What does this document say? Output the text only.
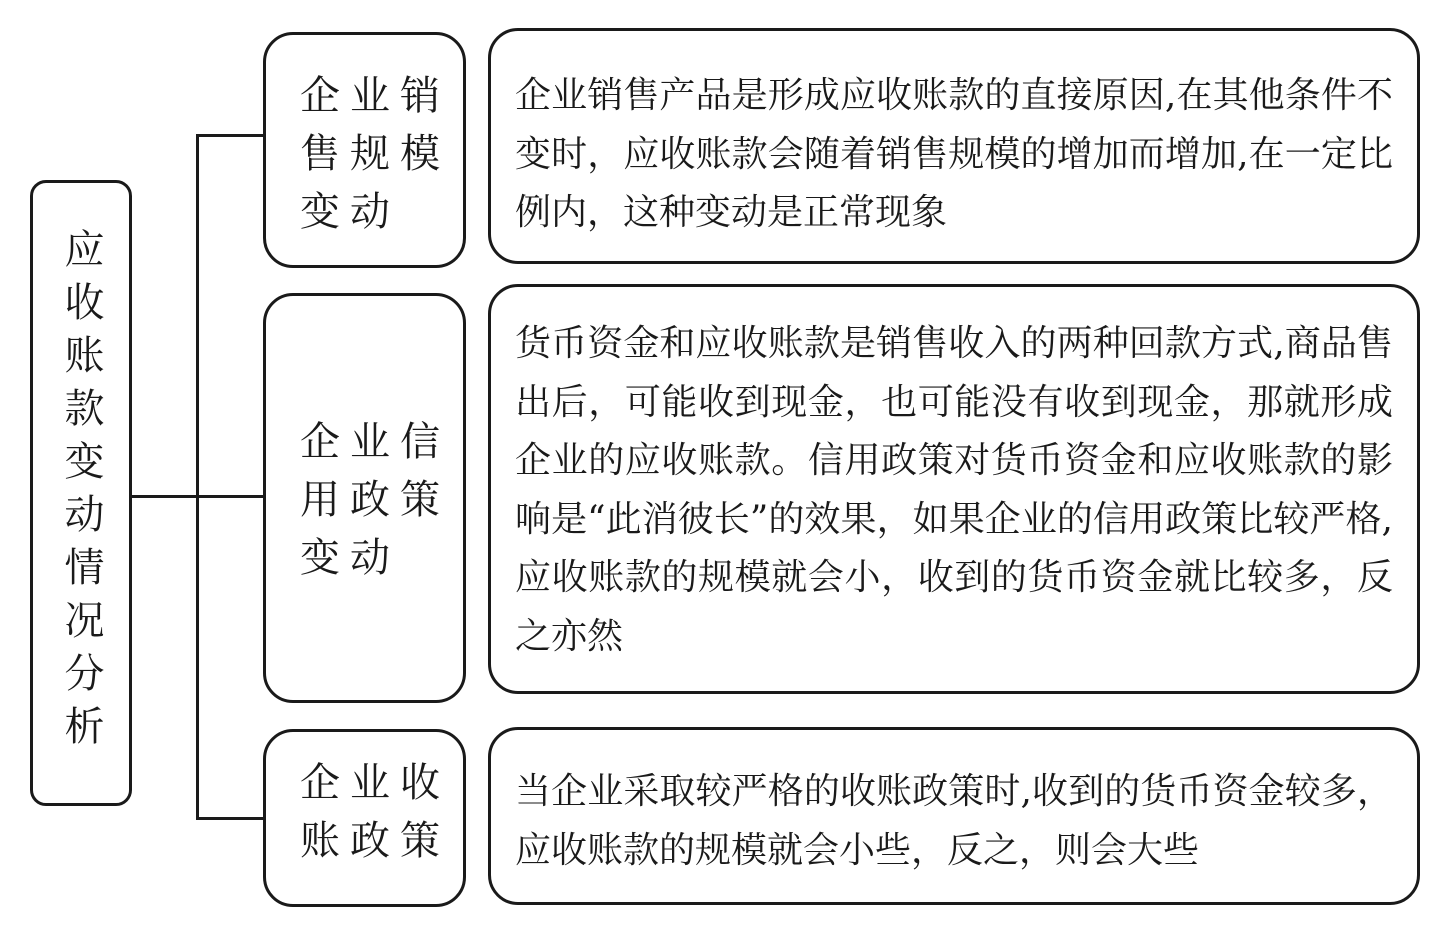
应收账款变动情况分析
企业销售规模变动
企业销售产品是形成应收账款的直接原因,在其他条件不变时，应收账款会随着销售规模的增加而增加,在一定比例内，这种变动是正常现象
企业信用政策变动
货币资金和应收账款是销售收入的两种回款方式,商品售出后，可能收到现金，也可能没有收到现金，那就形成企业的应收账款。信用政策对货币资金和应收账款的影响是“此消彼长”的效果，如果企业的信用政策比较严格,应收账款的规模就会小，收到的货币资金就比较多，反之亦然
企业收账政策
当企业采取较严格的收账政策时,收到的货币资金较多，应收账款的规模就会小些，反之，则会大些
